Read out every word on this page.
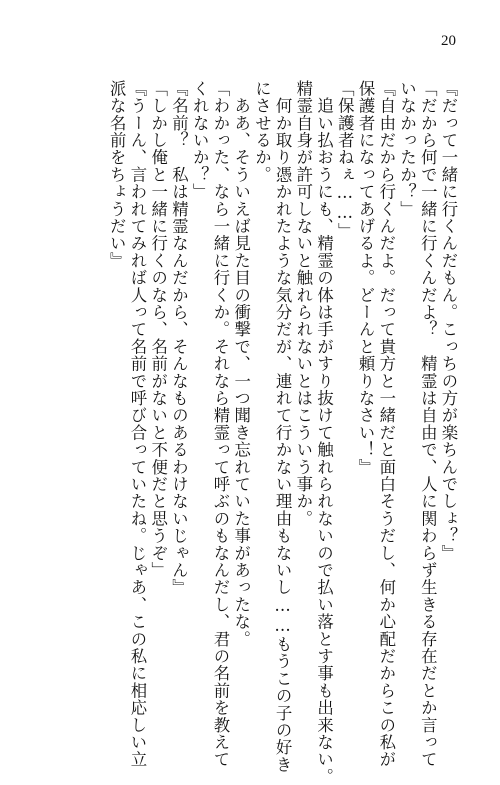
20

『だって一緒に行くんだもん。こっちの方が楽ちんでしょ？』

「だから何で一緒に行くんだよ？　精霊は自由で、人に関わらず生きる存在だとか言って

いなかったか？」

『自由だから行くんだよ。だって貴方と一緒だと面白そうだし、何か心配だからこの私が

保護者になってあげるよ。どーんと頼りなさい！』

「保護者ねぇ……」

　追い払おうにも、精霊の体は手がすり抜けて触れられないので払い落とす事も出来ない。

精霊自身が許可しないと触れられないとはこういう事か。

　何か取り憑かれたような気分だが、連れて行かない理由もないし……もうこの子の好き

にさせるか。

　ああ、そういえば見た目の衝撃で、一つ聞き忘れていた事があったな。

「わかった、なら一緒に行くか。それなら精霊って呼ぶのもなんだし、君の名前を教えて

くれないか？」

『名前？　私は精霊なんだから、そんなものあるわけないじゃん』

「しかし俺と一緒に行くのなら、名前がないと不便だと思うぞ」

『うーん、言われてみれば人って名前で呼び合っていたね。じゃあ、この私に相応しい立

派な名前をちょうだい』
